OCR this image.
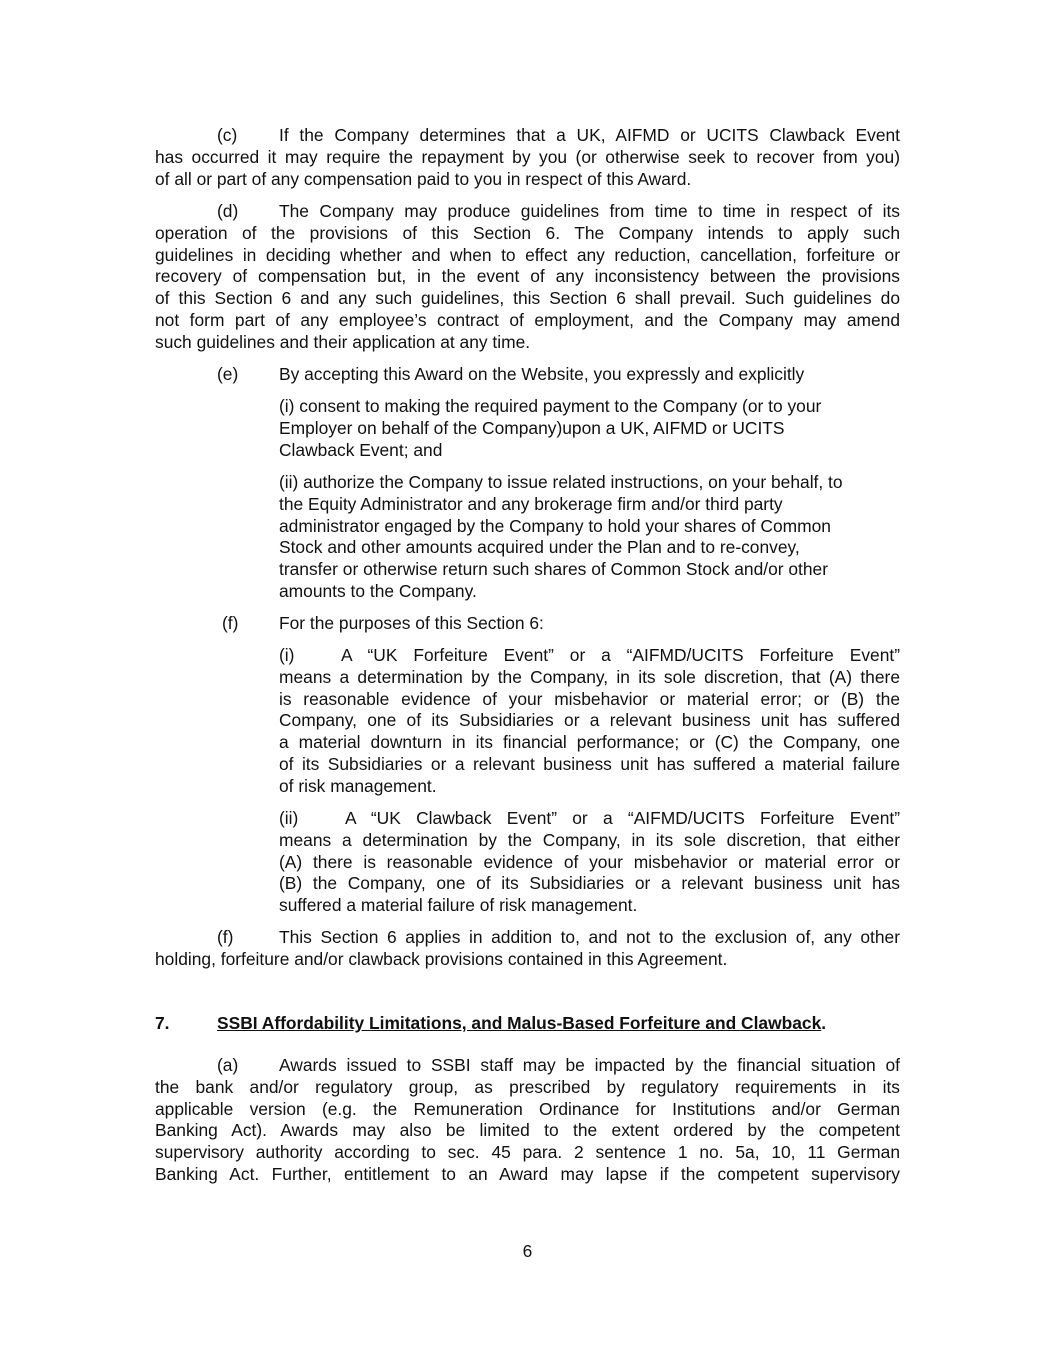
(c) If the Company determines that a UK, AIFMD or UCITS Clawback Event
has occurred it may require the repayment by you (or otherwise seek to recover from you)
of all or part of any compensation paid to you in respect of this Award.
(d) The Company may produce guidelines from time to time in respect of its
operation of the provisions of this Section 6. The Company intends to apply such
guidelines in deciding whether and when to effect any reduction, cancellation, forfeiture or
recovery of compensation but, in the event of any inconsistency between the provisions
of this Section 6 and any such guidelines, this Section 6 shall prevail. Such guidelines do
not form part of any employee’s contract of employment, and the Company may amend
such guidelines and their application at any time.
(e) By accepting this Award on the Website, you expressly and explicitly
(i) consent to making the required payment to the Company (or to your
Employer on behalf of the Company)upon a UK, AIFMD or UCITS
Clawback Event; and
(ii) authorize the Company to issue related instructions, on your behalf, to
the Equity Administrator and any brokerage firm and/or third party
administrator engaged by the Company to hold your shares of Common
Stock and other amounts acquired under the Plan and to re-convey,
transfer or otherwise return such shares of Common Stock and/or other
amounts to the Company.
(f) For the purposes of this Section 6:
(i)	A “UK Forfeiture Event” or a “AIFMD/UCITS Forfeiture Event”
means a determination by the Company, in its sole discretion, that (A) there
is reasonable evidence of your misbehavior or material error; or (B) the
Company, one of its Subsidiaries or a relevant business unit has suffered
a material downturn in its financial performance; or (C) the Company, one
of its Subsidiaries or a relevant business unit has suffered a material failure
of risk management.
(ii)	A “UK Clawback Event” or a “AIFMD/UCITS Forfeiture Event”
means a determination by the Company, in its sole discretion, that either
(A) there is reasonable evidence of your misbehavior or material error or
(B) the Company, one of its Subsidiaries or a relevant business unit has
suffered a material failure of risk management.
(f)	This Section 6 applies in addition to, and not to the exclusion of, any other
holding, forfeiture and/or clawback provisions contained in this Agreement.
7.	SSBI Affordability Limitations, and Malus-Based Forfeiture and Clawback.
(a) Awards issued to SSBI staff may be impacted by the financial situation of
the bank and/or regulatory group, as prescribed by regulatory requirements in its
applicable version (e.g. the Remuneration Ordinance for Institutions and/or German
Banking Act). Awards may also be limited to the extent ordered by the competent
supervisory authority according to sec. 45 para. 2 sentence 1 no. 5a, 10, 11 German
Banking Act. Further, entitlement to an Award may lapse if the competent supervisory
6
